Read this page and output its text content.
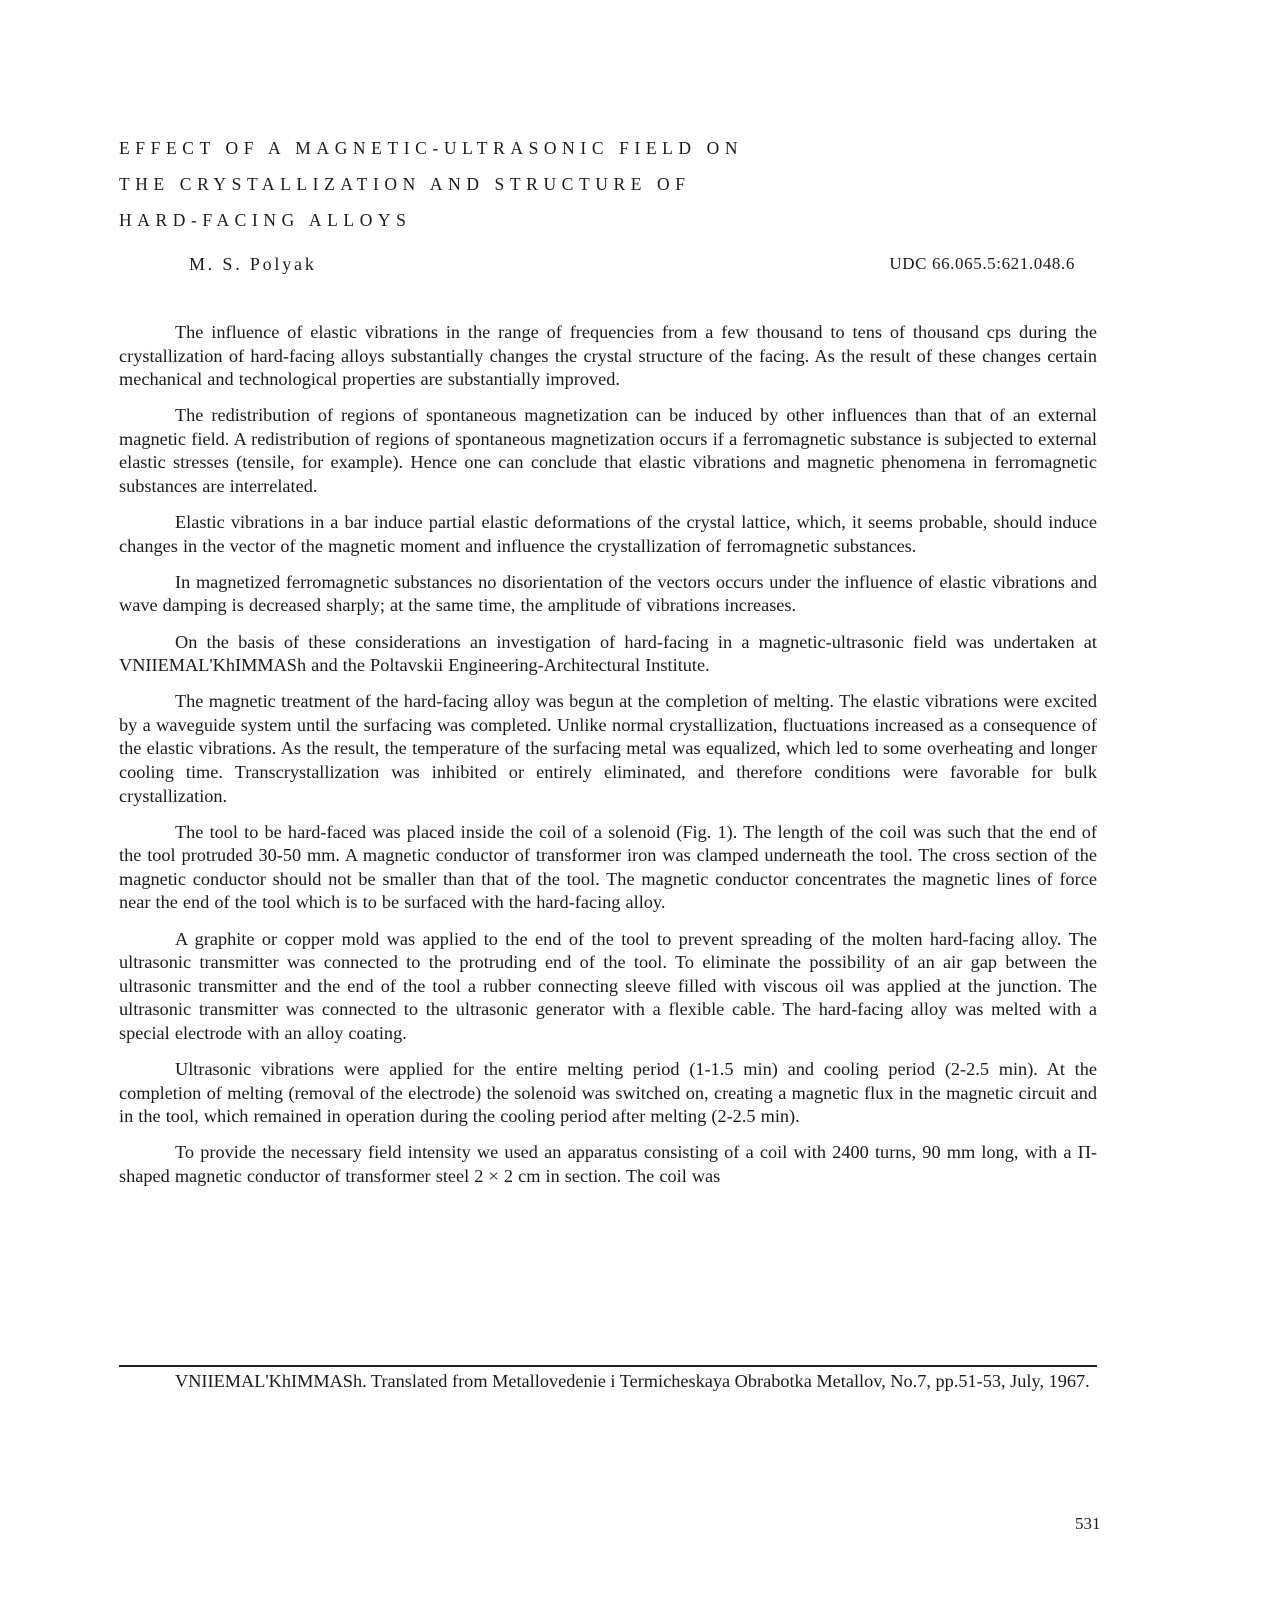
EFFECT OF A MAGNETIC-ULTRASONIC FIELD ON

THE CRYSTALLIZATION AND STRUCTURE OF

HARD-FACING ALLOYS

M. S. Polyak	UDC 66.065.5:621.048.6

The influence of elastic vibrations in the range of frequencies from a few thousand to tens of thousand cps during the crystallization of hard-facing alloys substantially changes the crystal structure of the facing. As the result of these changes certain mechanical and technological properties are substantially improved.

The redistribution of regions of spontaneous magnetization can be induced by other influences than that of an external magnetic field. A redistribution of regions of spontaneous magnetization occurs if a ferromagnetic substance is subjected to external elastic stresses (tensile, for example). Hence one can conclude that elastic vibrations and magnetic phenomena in ferromagnetic substances are interrelated.

Elastic vibrations in a bar induce partial elastic deformations of the crystal lattice, which, it seems probable, should induce changes in the vector of the magnetic moment and influence the crystallization of ferromagnetic substances.

In magnetized ferromagnetic substances no disorientation of the vectors occurs under the influence of elastic vibrations and wave damping is decreased sharply; at the same time, the amplitude of vibrations increases.

On the basis of these considerations an investigation of hard-facing in a magnetic-ultrasonic field was undertaken at VNIIEMAL'KhIMMASh and the Poltavskii Engineering-Architectural Institute.

The magnetic treatment of the hard-facing alloy was begun at the completion of melting. The elastic vibrations were excited by a waveguide system until the surfacing was completed. Unlike normal crystallization, fluctuations increased as a consequence of the elastic vibrations. As the result, the temperature of the surfacing metal was equalized, which led to some overheating and longer cooling time. Transcrystallization was inhibited or entirely eliminated, and therefore conditions were favorable for bulk crystallization.

The tool to be hard-faced was placed inside the coil of a solenoid (Fig. 1). The length of the coil was such that the end of the tool protruded 30-50 mm. A magnetic conductor of transformer iron was clamped underneath the tool. The cross section of the magnetic conductor should not be smaller than that of the tool. The magnetic conductor concentrates the magnetic lines of force near the end of the tool which is to be surfaced with the hard-facing alloy.

A graphite or copper mold was applied to the end of the tool to prevent spreading of the molten hard-facing alloy. The ultrasonic transmitter was connected to the protruding end of the tool. To eliminate the possibility of an air gap between the ultrasonic transmitter and the end of the tool a rubber connecting sleeve filled with viscous oil was applied at the junction. The ultrasonic transmitter was connected to the ultrasonic generator with a flexible cable. The hard-facing alloy was melted with a special electrode with an alloy coating.

Ultrasonic vibrations were applied for the entire melting period (1-1.5 min) and cooling period (2-2.5 min). At the completion of melting (removal of the electrode) the solenoid was switched on, creating a magnetic flux in the magnetic circuit and in the tool, which remained in operation during the cooling period after melting (2-2.5 min).

To provide the necessary field intensity we used an apparatus consisting of a coil with 2400 turns, 90 mm long, with a Π-shaped magnetic conductor of transformer steel 2 × 2 cm in section. The coil was

VNIIEMAL'KhIMMASh. Translated from Metallovedenie i Termicheskaya Obrabotka Metallov, No.7, pp.51-53, July, 1967.

531
